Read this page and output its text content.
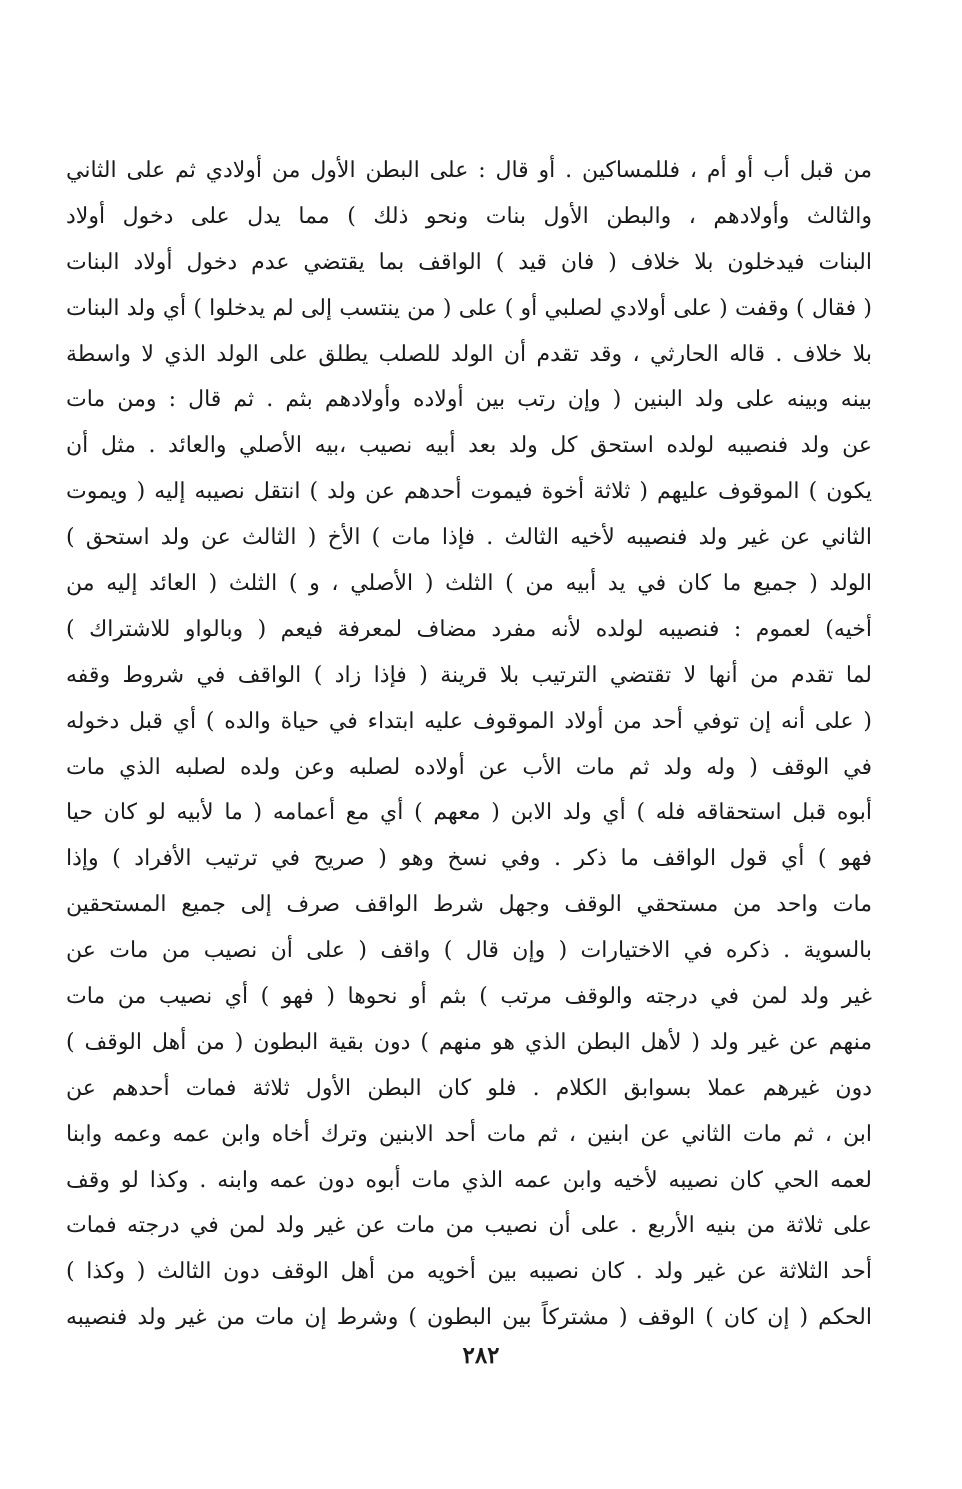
من قبل أب أو أم ، فللمساكين . أو قال : على البطن الأول من أولادي ثم على الثاني
والثالث وأولادهم ، والبطن الأول بنات ونحو ذلك ) مما يدل على دخول أولاد
البنات فيدخلون بلا خلاف ( فان قيد ) الواقف بما يقتضي عدم دخول أولاد البنات
( فقال ) وقفت ( على أولادي لصلبي أو ) على ( من ينتسب إلى لم يدخلوا ) أي ولد البنات
بلا خلاف . قاله الحارثي ، وقد تقدم أن الولد للصلب يطلق على الولد الذي لا واسطة
بينه وبينه على ولد البنين ( وإن رتب بين أولاده وأولادهم بثم . ثم قال : ومن مات
عن ولد فنصيبه لولده استحق كل ولد بعد أبيه نصيب ،بيه الأصلي والعائد . مثل أن
يكون ) الموقوف عليهم ( ثلاثة أخوة فيموت أحدهم عن ولد ) انتقل نصيبه إليه ( ويموت
الثاني عن غير ولد فنصيبه لأخيه الثالث . فإذا مات ) الأخ ( الثالث عن ولد استحق )
الولد ( جميع ما كان في يد أبيه من ) الثلث ( الأصلي ، و ) الثلث ( العائد إليه من
أخيه) لعموم : فنصيبه لولده لأنه مفرد مضاف لمعرفة فيعم ( وبالواو للاشتراك )
لما تقدم من أنها لا تقتضي الترتيب بلا قرينة ( فإذا زاد ) الواقف في شروط وقفه
( على أنه إن توفي أحد من أولاد الموقوف عليه ابتداء في حياة والده ) أي قبل دخوله
في الوقف ( وله ولد ثم مات الأب عن أولاده لصلبه وعن ولده لصلبه الذي مات
أبوه قبل استحقاقه فله ) أي ولد الابن ( معهم ) أي مع أعمامه ( ما لأبيه لو كان حيا
فهو ) أي قول الواقف ما ذكر . وفي نسخ وهو ( صريح في ترتيب الأفراد ) وإذا
مات واحد من مستحقي الوقف وجهل شرط الواقف صرف إلى جميع المستحقين
بالسوية . ذكره في الاختيارات ( وإن قال ) واقف ( على أن نصيب من مات عن
غير ولد لمن في درجته والوقف مرتب ) بثم أو نحوها ( فهو ) أي نصيب من مات
منهم عن غير ولد ( لأهل البطن الذي هو منهم ) دون بقية البطون ( من أهل الوقف )
دون غيرهم عملا بسوابق الكلام . فلو كان البطن الأول ثلاثة فمات أحدهم عن
ابن ، ثم مات الثاني عن ابنين ، ثم مات أحد الابنين وترك أخاه وابن عمه وعمه وابنا
لعمه الحي كان نصيبه لأخيه وابن عمه الذي مات أبوه دون عمه وابنه . وكذا لو وقف
على ثلاثة من بنيه الأربع . على أن نصيب من مات عن غير ولد لمن في درجته فمات
أحد الثلاثة عن غير ولد . كان نصيبه بين أخويه من أهل الوقف دون الثالث ( وكذا )
الحكم ( إن كان ) الوقف ( مشتركاً بين البطون ) وشرط إن مات من غير ولد فنصيبه
٢٨٢
